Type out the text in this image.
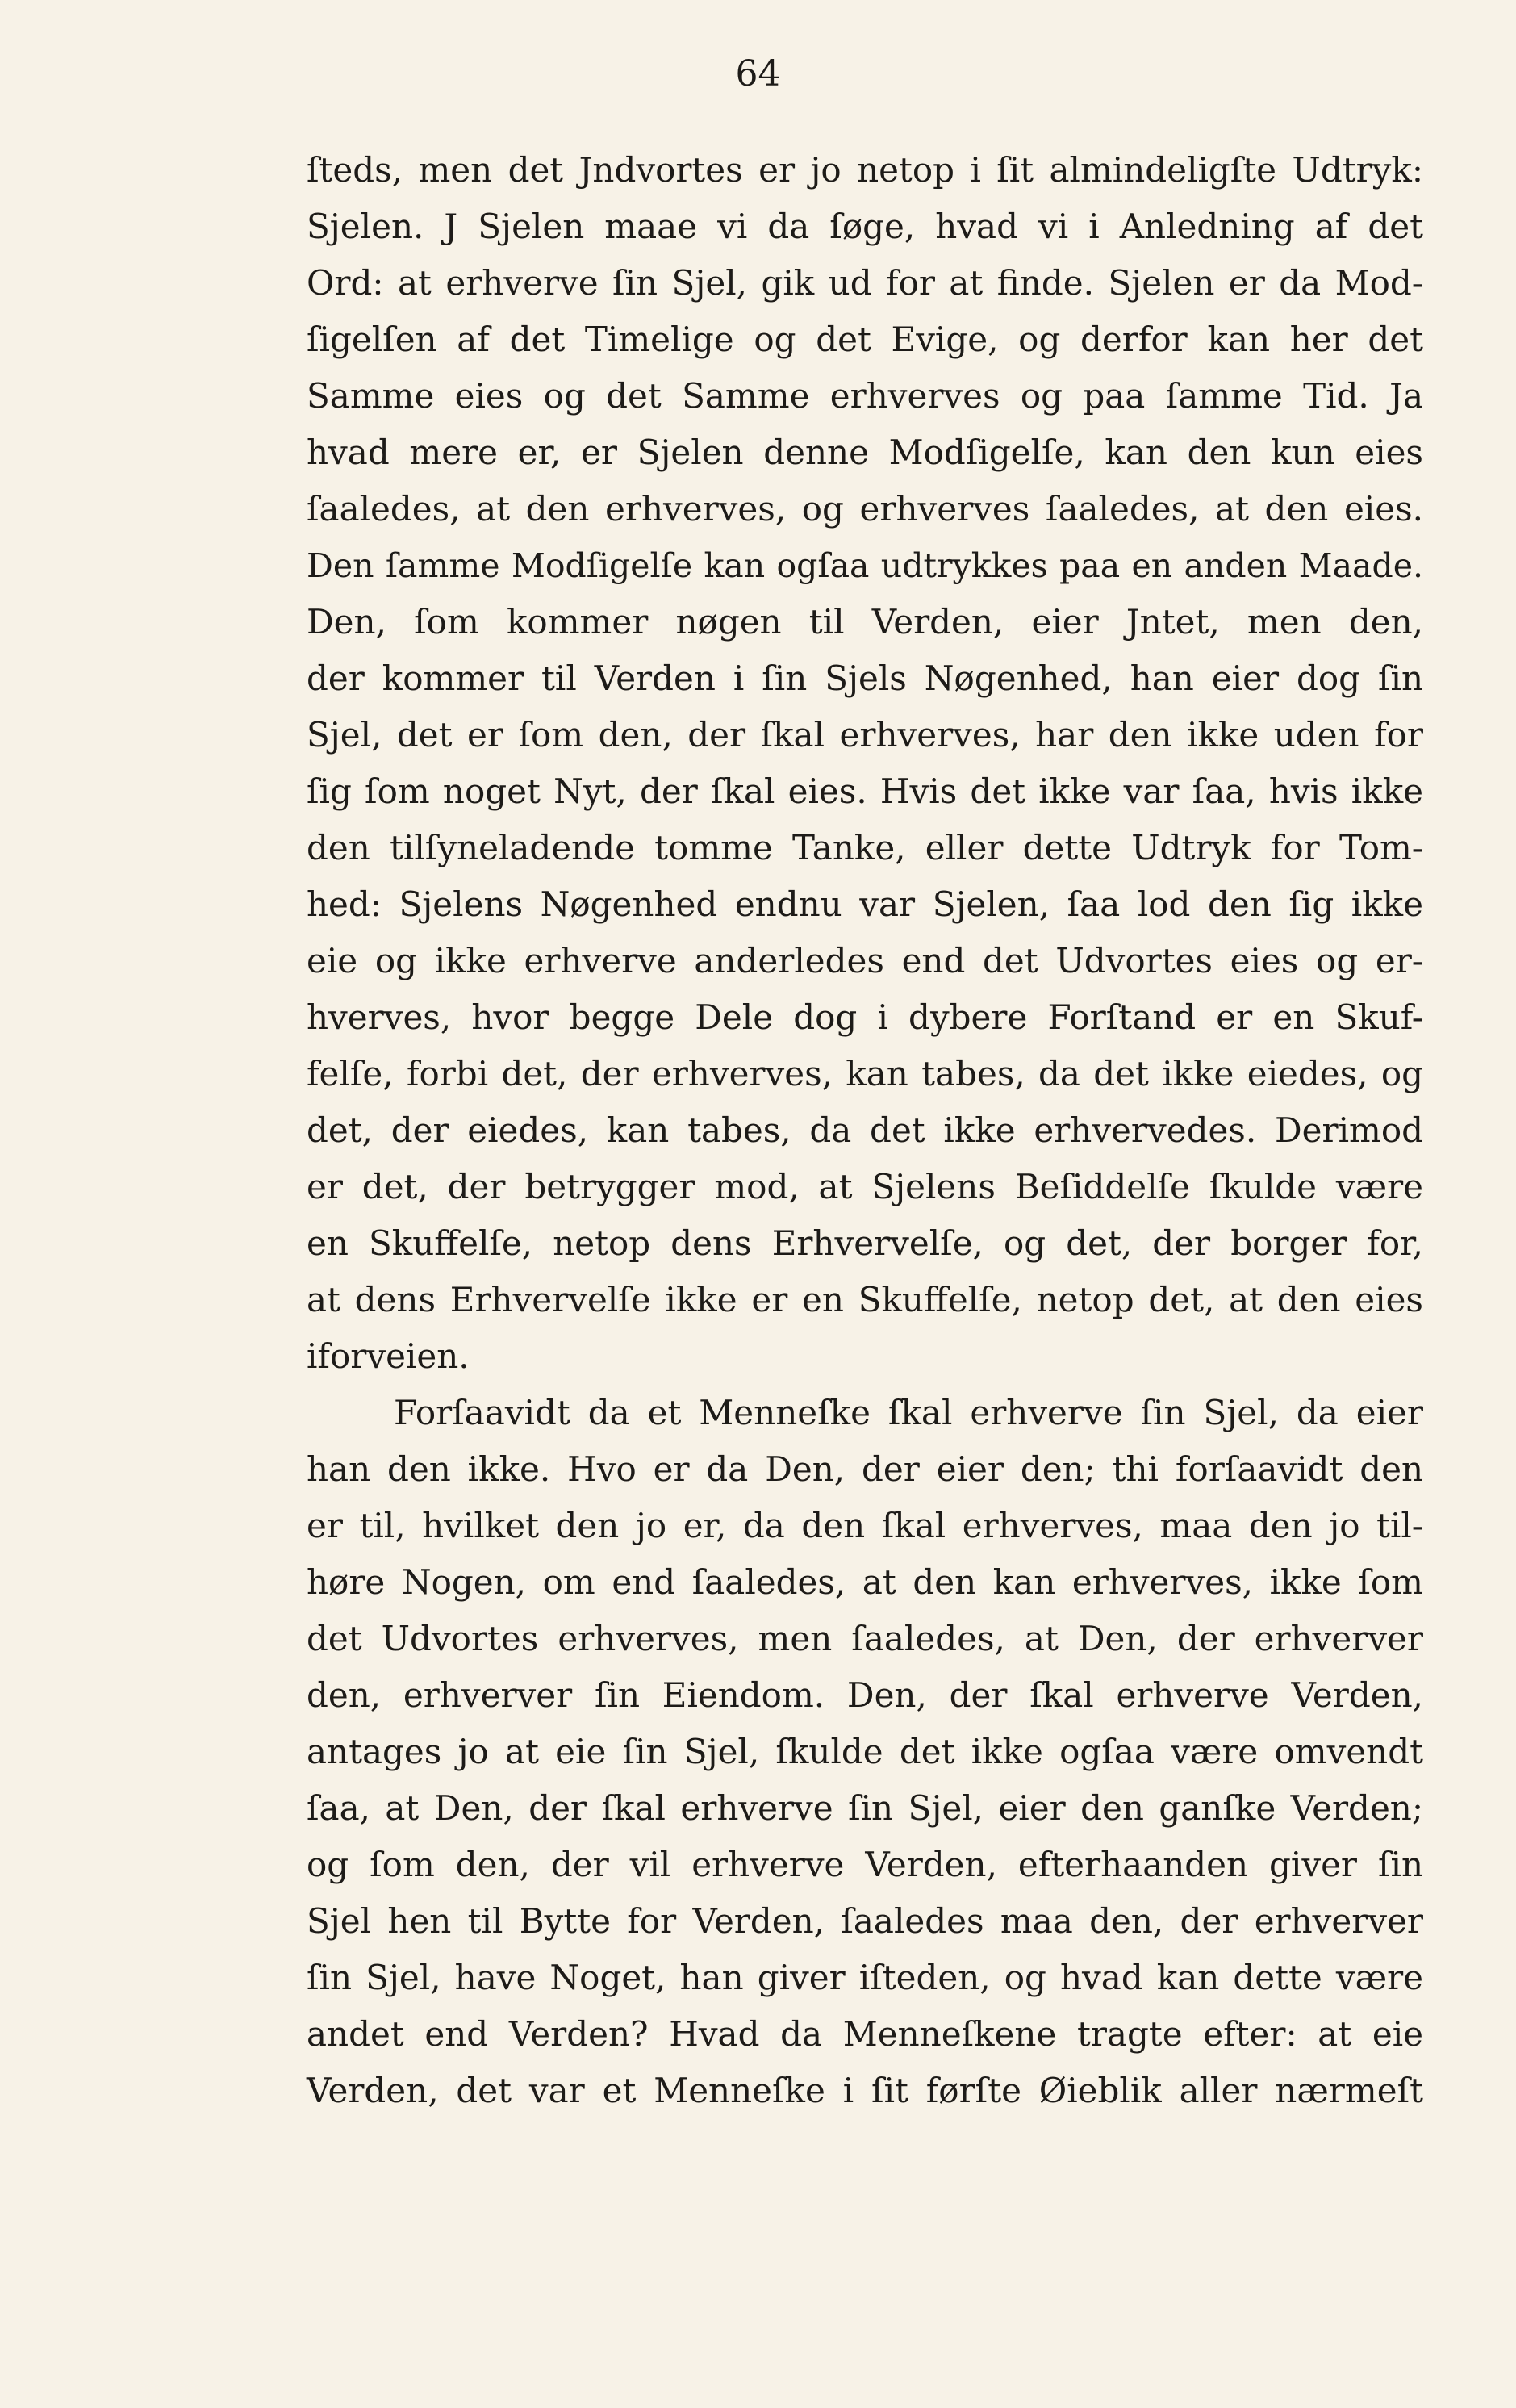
64
ſteds, men det Jndvortes er jo netop i ſit almindeligſte Udtryk:
Sjelen. J Sjelen maae vi da ſøge, hvad vi i Anledning af det
Ord: at erhverve ſin Sjel, gik ud for at finde. Sjelen er da Mod-
ſigelſen af det Timelige og det Evige, og derfor kan her det
Samme eies og det Samme erhverves og paa ſamme Tid. Ja
hvad mere er, er Sjelen denne Modſigelſe, kan den kun eies
ſaaledes, at den erhverves, og erhverves ſaaledes, at den eies.
Den ſamme Modſigelſe kan ogſaa udtrykkes paa en anden Maade.
Den, ſom kommer nøgen til Verden, eier Jntet, men den,
der kommer til Verden i ſin Sjels Nøgenhed, han eier dog ſin
Sjel, det er ſom den, der ſkal erhverves, har den ikke uden for
ſig ſom noget Nyt, der ſkal eies. Hvis det ikke var ſaa, hvis ikke
den tilſyneladende tomme Tanke, eller dette Udtryk for Tom-
hed: Sjelens Nøgenhed endnu var Sjelen, ſaa lod den ſig ikke
eie og ikke erhverve anderledes end det Udvortes eies og er-
hverves, hvor begge Dele dog i dybere Forſtand er en Skuf-
felſe, forbi det, der erhverves, kan tabes, da det ikke eiedes, og
det, der eiedes, kan tabes, da det ikke erhvervedes. Derimod
er det, der betrygger mod, at Sjelens Beſiddelſe ſkulde være
en Skuffelſe, netop dens Erhvervelſe, og det, der borger for,
at dens Erhvervelſe ikke er en Skuffelſe, netop det, at den eies
iforveien.
Forſaavidt da et Menneſke ſkal erhverve ſin Sjel, da eier
han den ikke. Hvo er da Den, der eier den; thi forſaavidt den
er til, hvilket den jo er, da den ſkal erhverves, maa den jo til-
høre Nogen, om end ſaaledes, at den kan erhverves, ikke ſom
det Udvortes erhverves, men ſaaledes, at Den, der erhverver
den, erhverver ſin Eiendom. Den, der ſkal erhverve Verden,
antages jo at eie ſin Sjel, ſkulde det ikke ogſaa være omvendt
ſaa, at Den, der ſkal erhverve ſin Sjel, eier den ganſke Verden;
og ſom den, der vil erhverve Verden, efterhaanden giver ſin
Sjel hen til Bytte for Verden, ſaaledes maa den, der erhverver
ſin Sjel, have Noget, han giver iſteden, og hvad kan dette være
andet end Verden? Hvad da Menneſkene tragte efter: at eie
Verden, det var et Menneſke i ſit førſte Øieblik aller nærmeſt
